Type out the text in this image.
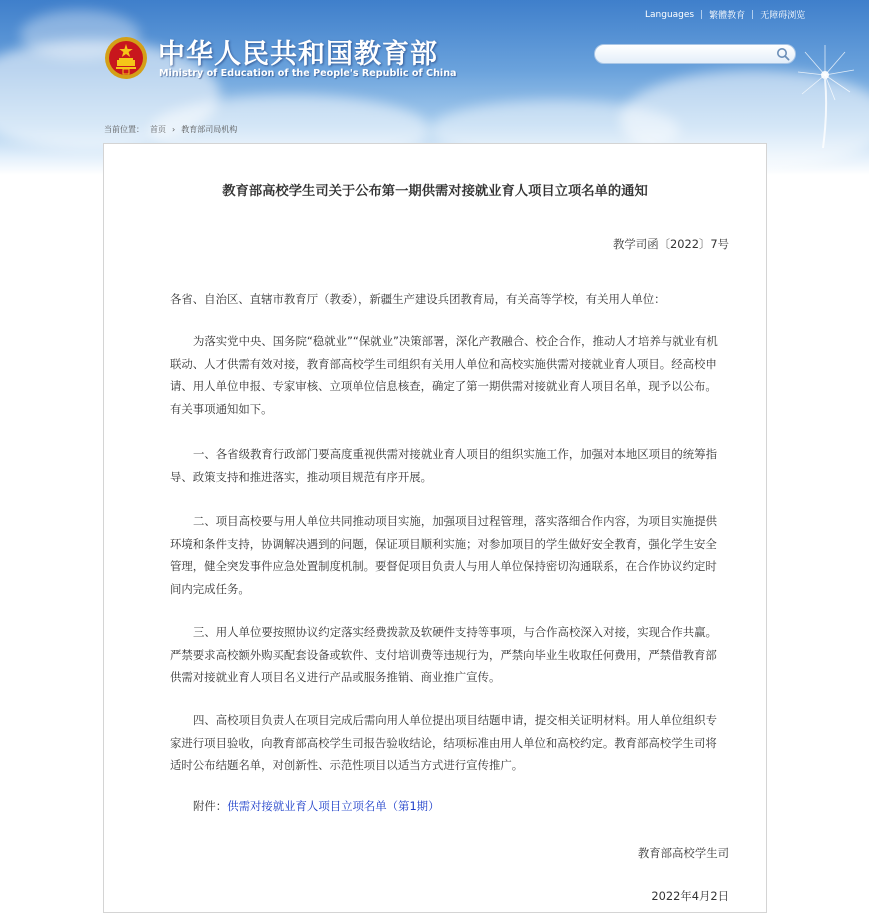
Languages | 繁體教育 | 无障碍浏览
中华人民共和国教育部
Ministry of Education of the People's Republic of China
当前位置： 首页 › 教育部司局机构
教育部高校学生司关于公布第一期供需对接就业育人项目立项名单的通知
教学司函〔2022〕7号

各省、自治区、直辖市教育厅（教委），新疆生产建设兵团教育局，有关高等学校，有关用人单位：

为落实党中央、国务院“稳就业”“保就业”决策部署，深化产教融合、校企合作，推动人才培养与就业有机联动、人才供需有效对接，教育部高校学生司组织有关用人单位和高校实施供需对接就业育人项目。经高校申请、用人单位申报、专家审核、立项单位信息核查，确定了第一期供需对接就业育人项目名单，现予以公布。有关事项通知如下。

一、各省级教育行政部门要高度重视供需对接就业育人项目的组织实施工作，加强对本地区项目的统筹指导、政策支持和推进落实，推动项目规范有序开展。

二、项目高校要与用人单位共同推动项目实施，加强项目过程管理，落实落细合作内容，为项目实施提供环境和条件支持，协调解决遇到的问题，保证项目顺利实施；对参加项目的学生做好安全教育，强化学生安全管理，健全突发事件应急处置制度机制。要督促项目负责人与用人单位保持密切沟通联系，在合作协议约定时间内完成任务。

三、用人单位要按照协议约定落实经费拨款及软硬件支持等事项，与合作高校深入对接，实现合作共赢。严禁要求高校额外购买配套设备或软件、支付培训费等违规行为，严禁向毕业生收取任何费用，严禁借教育部供需对接就业育人项目名义进行产品或服务推销、商业推广宣传。

四、高校项目负责人在项目完成后需向用人单位提出项目结题申请，提交相关证明材料。用人单位组织专家进行项目验收，向教育部高校学生司报告验收结论，结项标准由用人单位和高校约定。教育部高校学生司将适时公布结题名单，对创新性、示范性项目以适当方式进行宣传推广。

附件：供需对接就业育人项目立项名单（第1期）
教育部高校学生司
2022年4月2日
